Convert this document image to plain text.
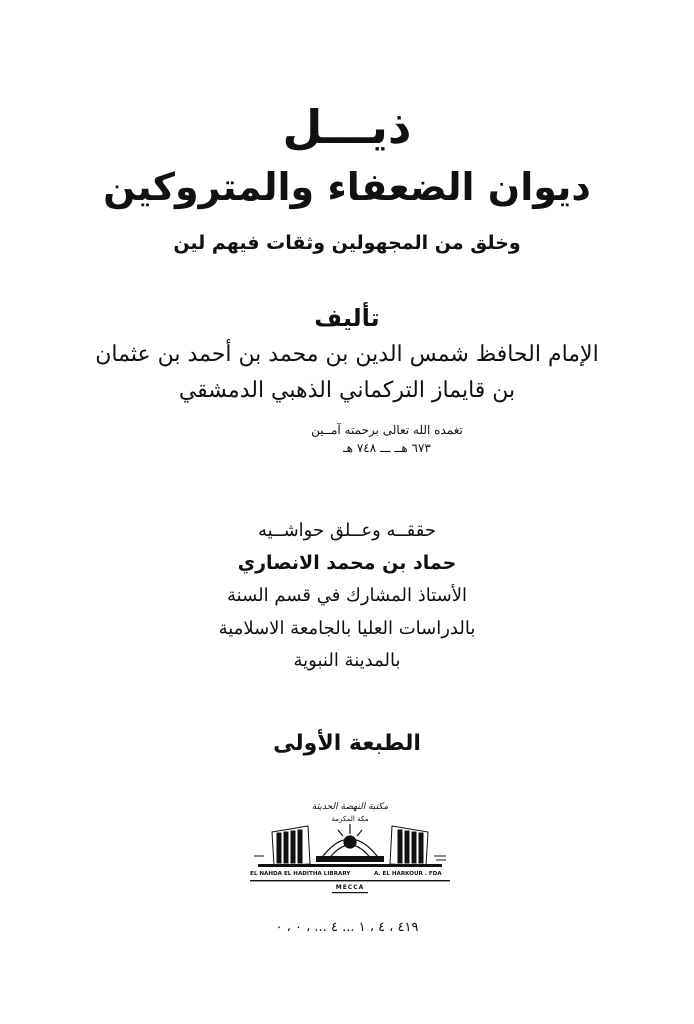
ذيـــل
ديوان الضعفاء والمتروكين
وخلق من المجهولين وثقات فيهم لين
تأليف
الإمام الحافظ شمس الدين بن محمد بن أحمد بن عثمان
بن قايماز التركماني الذهبي الدمشقي
تغمده الله تعالى برحمته آمــين
٦٧٣ هــ ـــ ٧٤٨ هـ
حققــه وعــلق حواشــيه
حماد بن محمد الانصاري
الأستاذ المشارك في قسم السنة
بالدراسات العليا بالجامعة الاسلامية
بالمدينة النبوية
الطبعة الأولى
مكتبة النهضة الحديثة
مكة المكرمة
EL NAHDA EL HADITHA LIBRARY	A. EL HARKOUR . FDA
MECCA
٤١٩ ، ٤ ، ١ ... ٤ ... ، ٠ ، ٠
